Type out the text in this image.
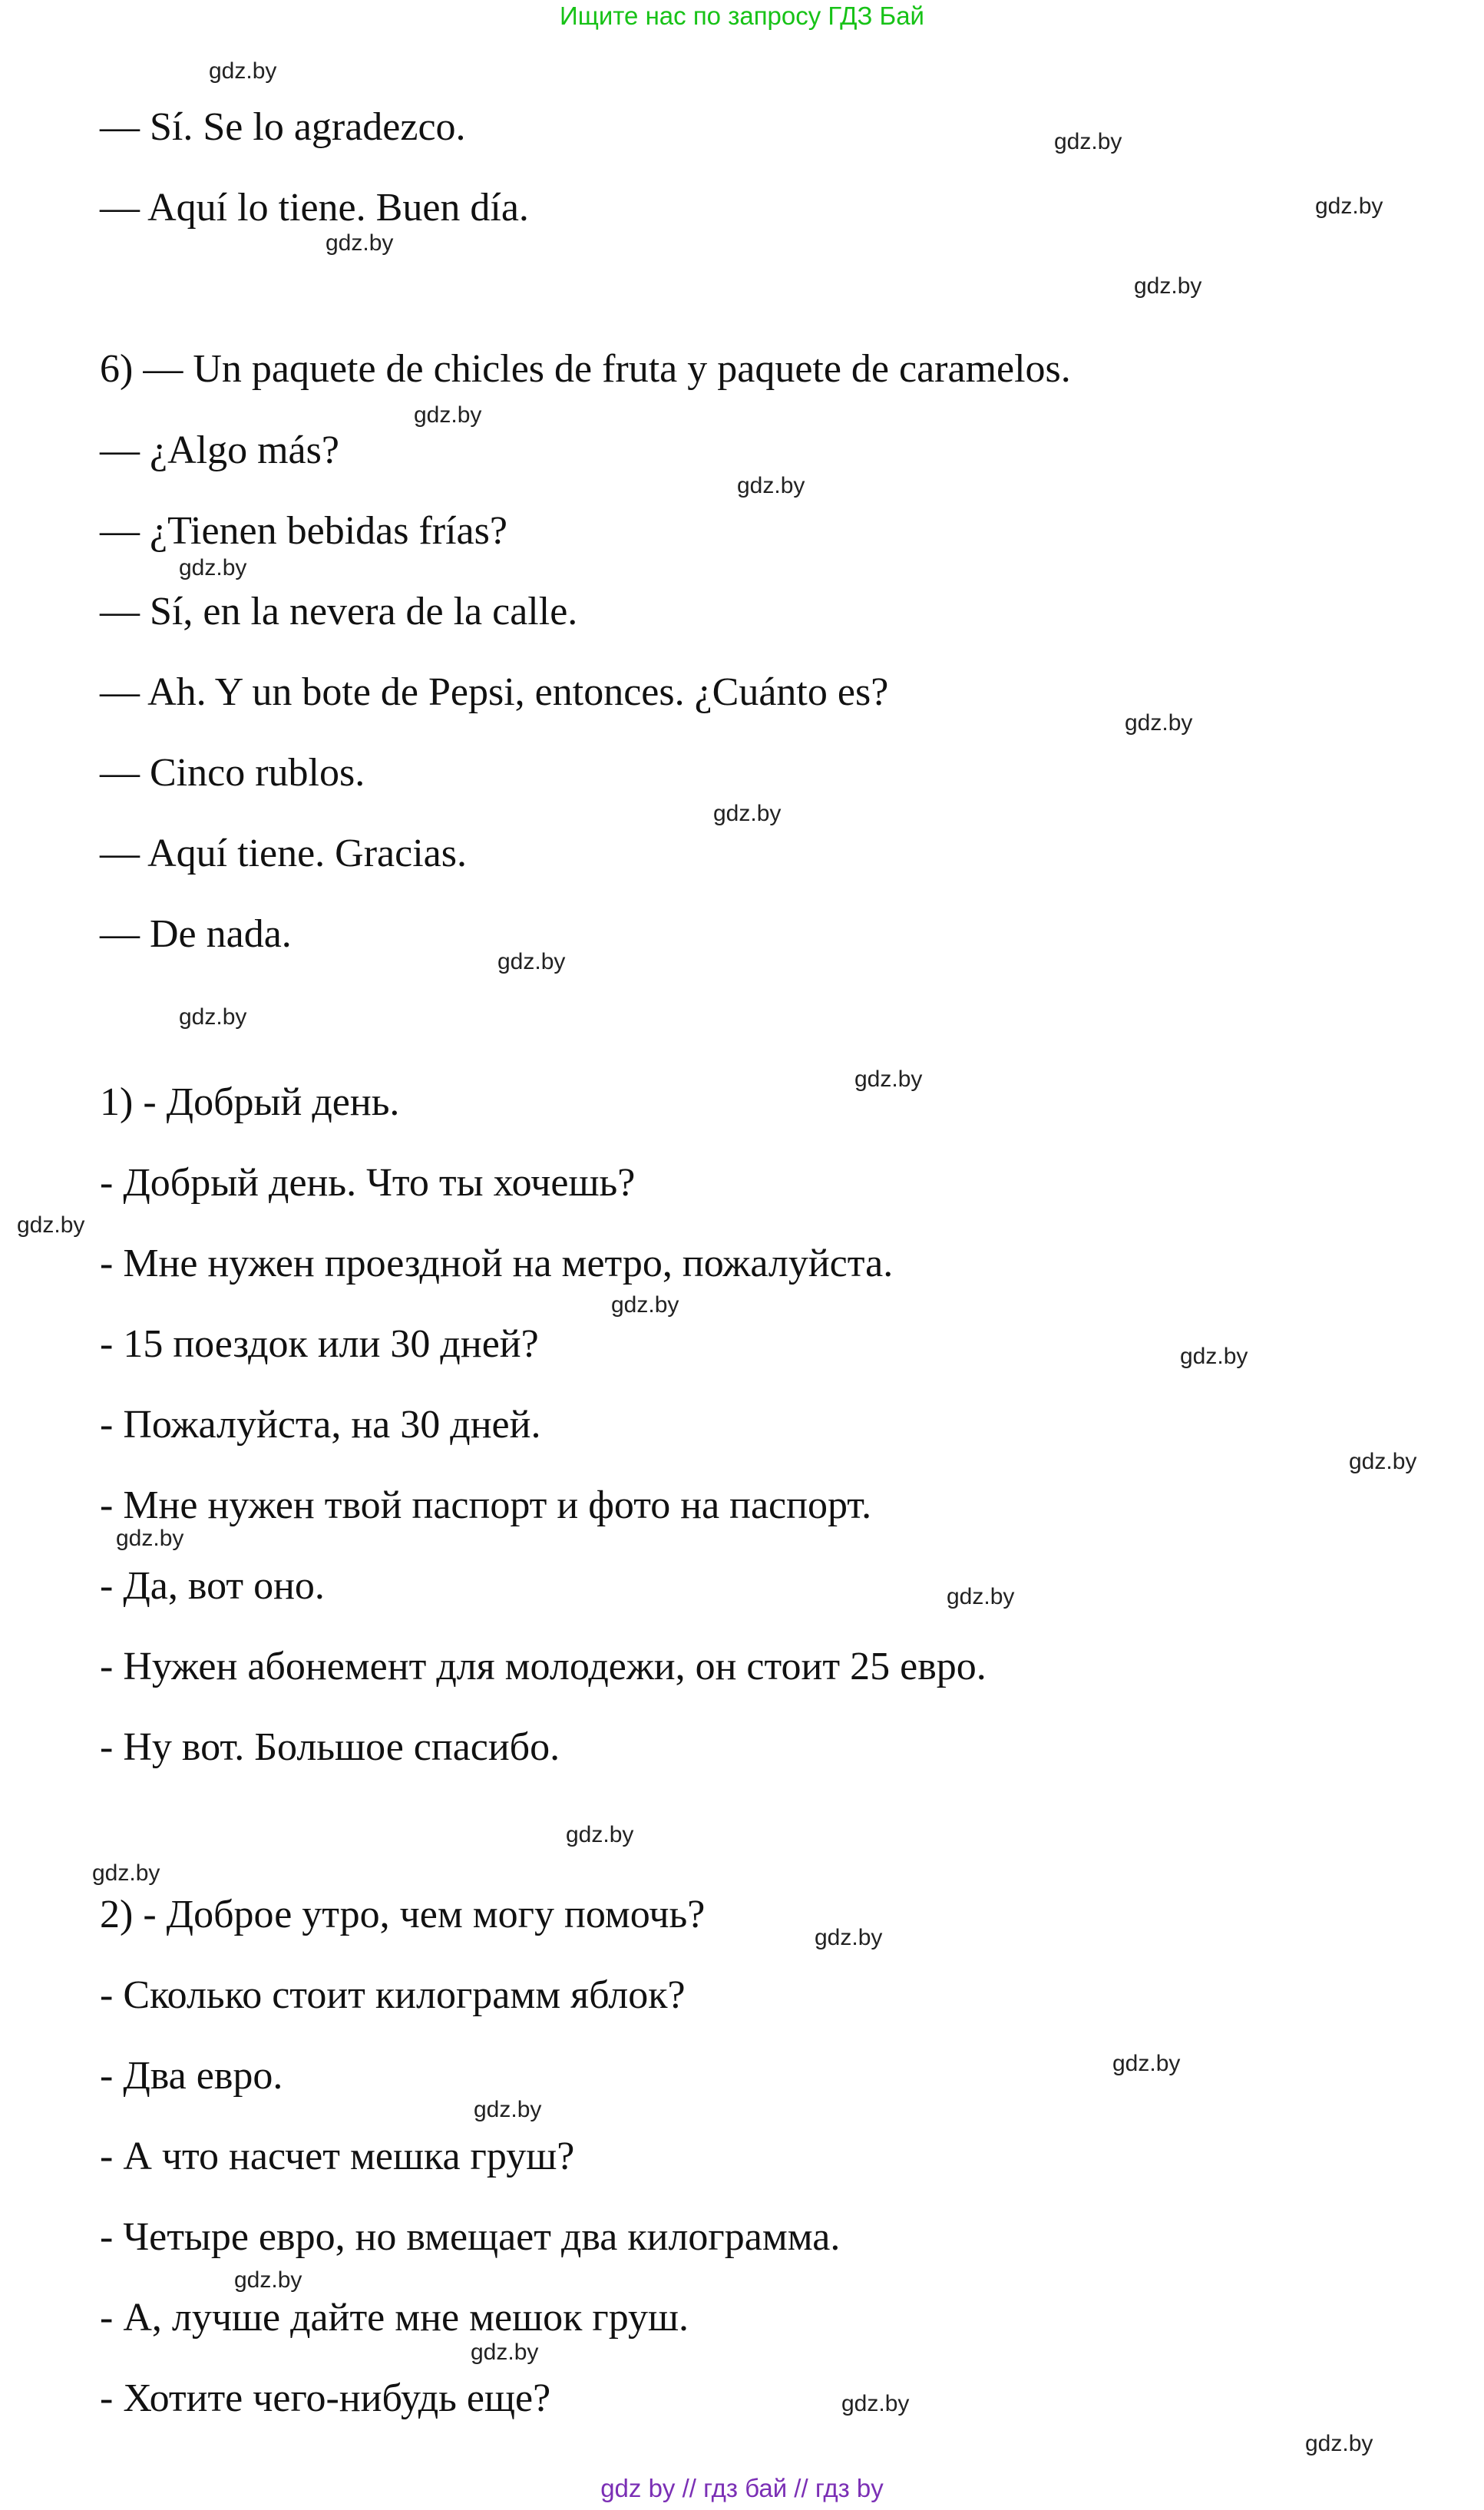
Ищите нас по запросу ГДЗ Бай
— Sí. Se lo agradezco.
— Aquí lo tiene. Buen día.
6) — Un paquete de chicles de fruta y paquete de caramelos.
— ¿Algo más?
— ¿Tienen bebidas frías?
— Sí, en la nevera de la calle.
— Ah. Y un bote de Pepsi, entonces. ¿Cuánto es?
— Cinco rublos.
— Aquí tiene. Gracias.
— De nada.
1) - Добрый день.
- Добрый день. Что ты хочешь?
- Мне нужен проездной на метро, пожалуйста.
- 15 поездок или 30 дней?
- Пожалуйста, на 30 дней.
- Мне нужен твой паспорт и фото на паспорт.
- Да, вот оно.
- Нужен абонемент для молодежи, он стоит 25 евро.
- Ну вот. Большое спасибо.
2) - Доброе утро, чем могу помочь?
- Сколько стоит килограмм яблок?
- Два евро.
- А что насчет мешка груш?
- Четыре евро, но вмещает два килограмма.
- А, лучше дайте мне мешок груш.
- Хотите чего-нибудь еще?
gdz.by
gdz.by
gdz.by
gdz.by
gdz.by
gdz.by
gdz.by
gdz.by
gdz.by
gdz.by
gdz.by
gdz.by
gdz.by
gdz.by
gdz.by
gdz.by
gdz.by
gdz.by
gdz.by
gdz.by
gdz.by
gdz.by
gdz.by
gdz.by
gdz.by
gdz.by
gdz.by
gdz.by
gdz by // гдз бай // гдз by
